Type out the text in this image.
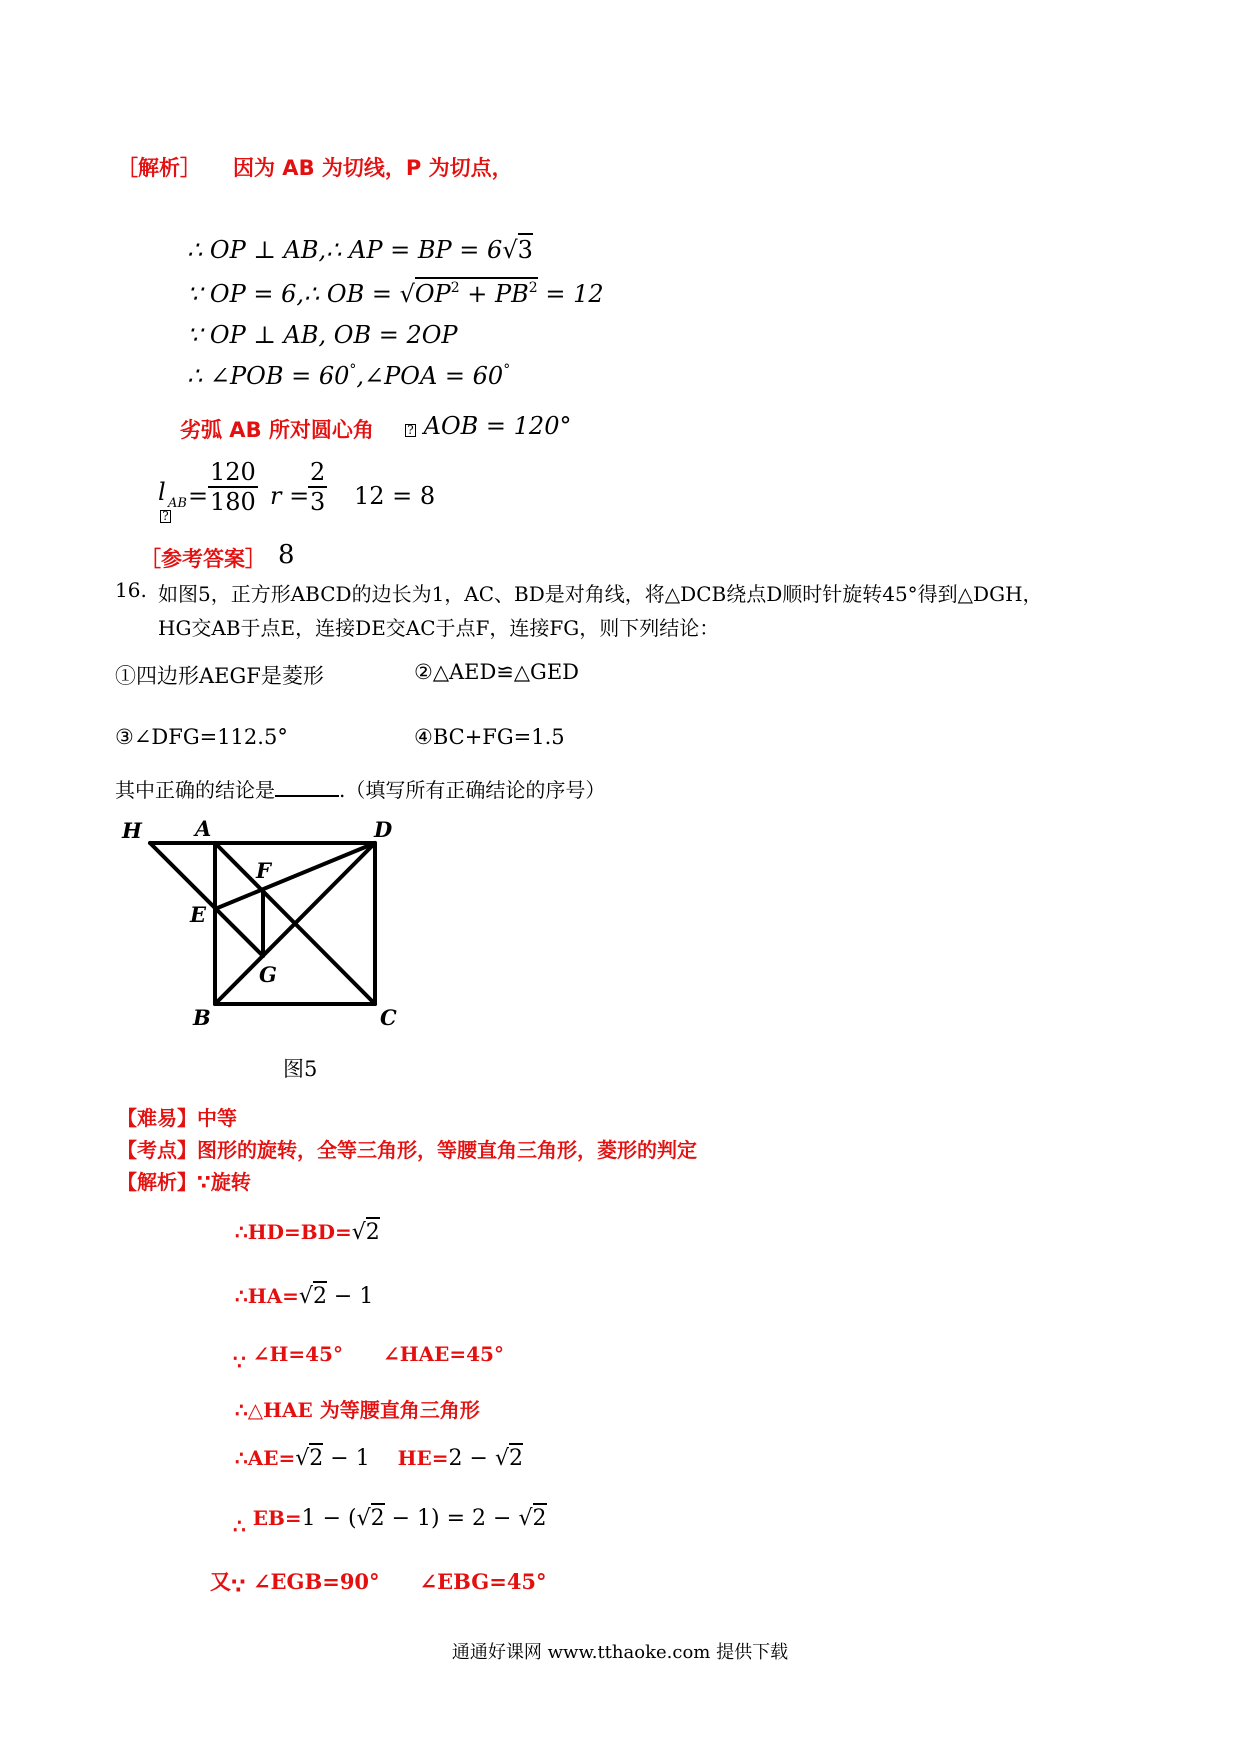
［解析］ 因为 AB 为切线，P 为切点，
∴ OP ⊥ AB,∴ AP = BP = 6√3
∵ OP = 6,∴ OB = $√OP^2 + PB^2 = 12$
∵ OP ⊥ AB, OB = 2OP
∴ ∠POB = 60°,∠POA = 60°
劣弧 AB 所对圆心角	? AOB = 120°
l AB
?
= $\frac{120}{180}$ r =
$\frac{2}{3} 12 = 8$
［参考答案］ 8
16. 如图5，正方形ABCD的边长为1，AC、BD是对角线，将△DCB绕点D顺时针旋转45°得到△DGH，
HG交AB于点E，连接DE交AC于点F，连接FG，则下列结论：
①四边形AEGF是菱形	②△AED≌△GED
③∠DFG=112.5°	④BC+FG=1.5
其中正确的结论是	.（填写所有正确结论的序号）
H	A	D
F
E
G
B	C
图5
【难易】中等
【考点】图形的旋转，全等三角形，等腰直角三角形，菱形的判定
【解析】∵旋转
∴HD=BD=√2
∴HA=√2 − 1
∵ ∠H=45° ∠HAE=45°
∴△HAE 为等腰直角三角形
∴AE=√2 − 1 HE=2 − √2
∴ EB=1 − (√2 − 1) = 2 − √2
又∵ ∠EGB=90° ∠EBG=45°
通通好课网 www.tthaoke.com 提供下载
